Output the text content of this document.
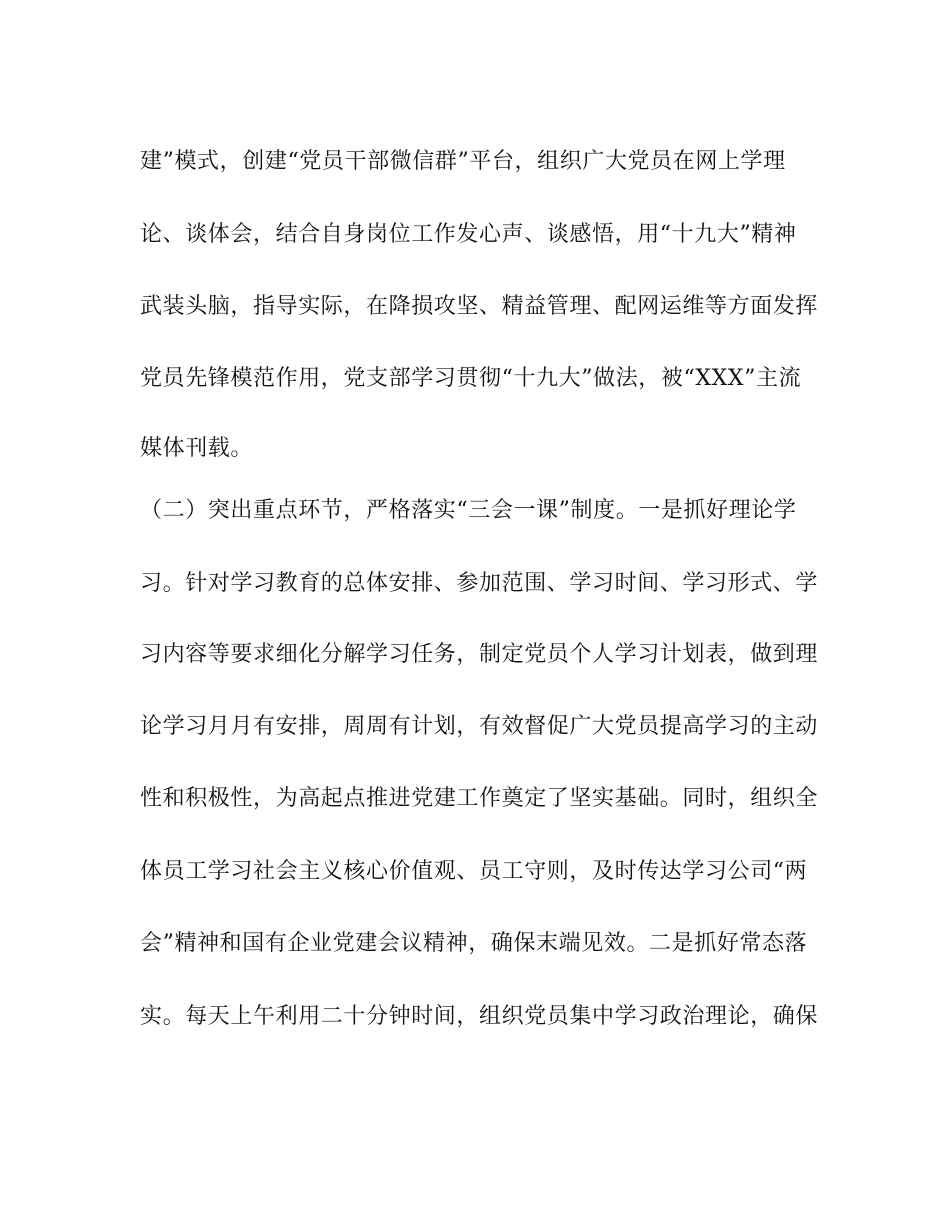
建”模式，创建“党员干部微信群”平台，组织广大党员在网上学理
论、谈体会，结合自身岗位工作发心声、谈感悟，用“十九大”精神
武装头脑，指导实际，在降损攻坚、精益管理、配网运维等方面发挥
党员先锋模范作用，党支部学习贯彻“十九大”做法，被“XXX”主流
媒体刊载。
（二）突出重点环节，严格落实“三会一课”制度。一是抓好理论学
习。针对学习教育的总体安排、参加范围、学习时间、学习形式、学
习内容等要求细化分解学习任务，制定党员个人学习计划表，做到理
论学习月月有安排，周周有计划，有效督促广大党员提高学习的主动
性和积极性，为高起点推进党建工作奠定了坚实基础。同时，组织全
体员工学习社会主义核心价值观、员工守则，及时传达学习公司“两
会”精神和国有企业党建会议精神，确保末端见效。二是抓好常态落
实。每天上午利用二十分钟时间，组织党员集中学习政治理论，确保
